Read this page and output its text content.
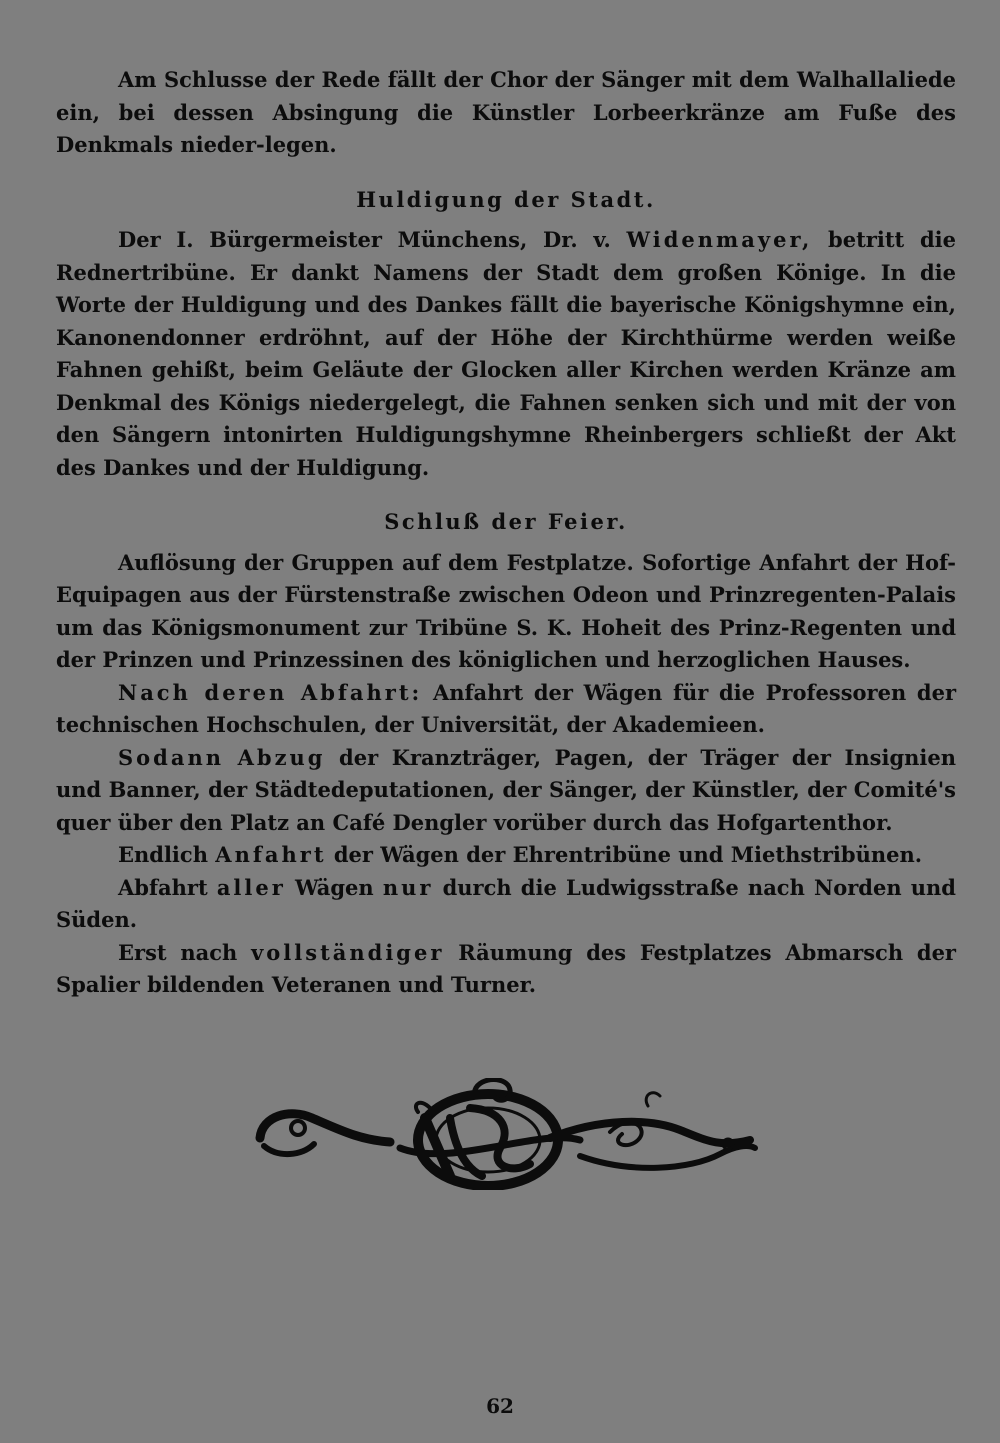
Am Schlusse der Rede fällt der Chor der Sänger mit dem Walhallaliede ein, bei dessen Absingung die Künstler Lorbeerkränze am Fuße des Denkmals nieder-legen.

Huldigung der Stadt.

Der I. Bürgermeister Münchens, Dr. v. Widenmayer, betritt die Rednertribüne. Er dankt Namens der Stadt dem großen Könige. In die Worte der Huldigung und des Dankes fällt die bayerische Königshymne ein, Kanonendonner erdröhnt, auf der Höhe der Kirchthürme werden weiße Fahnen gehißt, beim Geläute der Glocken aller Kirchen werden Kränze am Denkmal des Königs niedergelegt, die Fahnen senken sich und mit der von den Sängern intonirten Huldigungshymne Rheinbergers schließt der Akt des Dankes und der Huldigung.

Schluß der Feier.

Auflösung der Gruppen auf dem Festplatze. Sofortige Anfahrt der Hof-Equipagen aus der Fürstenstraße zwischen Odeon und Prinzregenten-Palais um das Königsmonument zur Tribüne S. K. Hoheit des Prinz-Regenten und der Prinzen und Prinzessinen des königlichen und herzoglichen Hauses.

Nach deren Abfahrt: Anfahrt der Wägen für die Professoren der technischen Hochschulen, der Universität, der Akademieen.

Sodann Abzug der Kranzträger, Pagen, der Träger der Insignien und Banner, der Städtedeputationen, der Sänger, der Künstler, der Comité's quer über den Platz an Café Dengler vorüber durch das Hofgartenthor.

Endlich Anfahrt der Wägen der Ehrentribüne und Miethstribünen.

Abfahrt aller Wägen nur durch die Ludwigsstraße nach Norden und Süden.

Erst nach vollständiger Räumung des Festplatzes Abmarsch der Spalier bildenden Veteranen und Turner.

62
